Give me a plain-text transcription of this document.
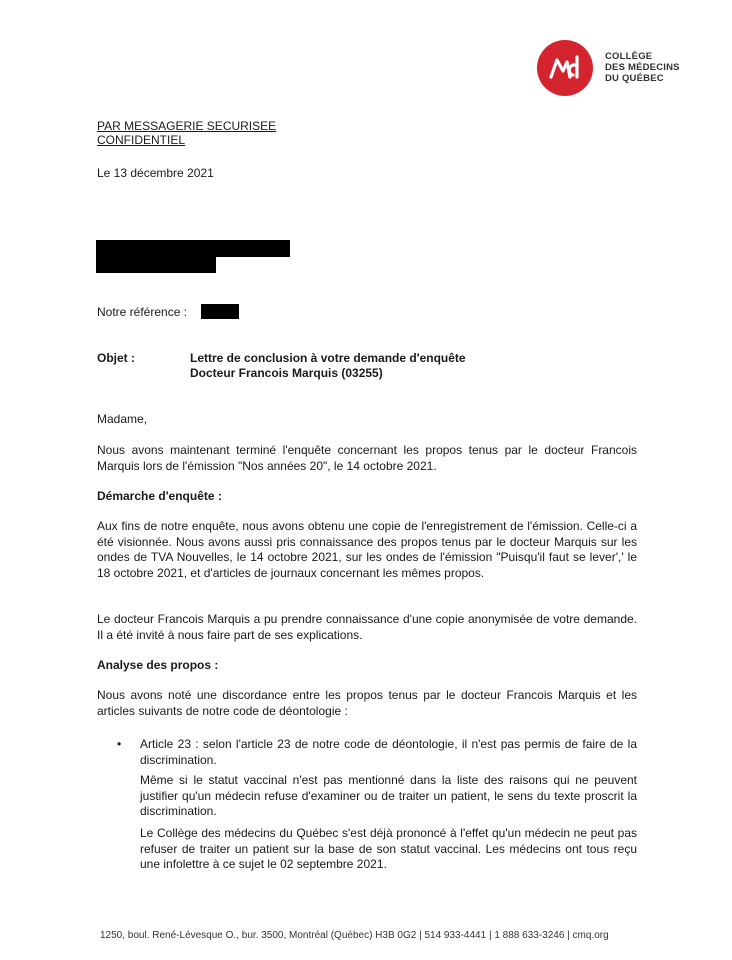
COLLÈGE
DES MÉDECINS
DU QUÉBEC
PAR MESSAGERIE SECURISEE
CONFIDENTIEL
Le 13 décembre 2021
Notre référence :
Objet :	Lettre de conclusion à votre demande d'enquête
Docteur Francois Marquis (03255)
Madame,
Nous avons maintenant terminé l'enquête concernant les propos tenus par le docteur Francois Marquis lors de l'émission "Nos années 20", le 14 octobre 2021.
Démarche d'enquête :
Aux fins de notre enquête, nous avons obtenu une copie de l'enregistrement de l'émission. Celle-ci a été visionnée. Nous avons aussi pris connaissance des propos tenus par le docteur Marquis sur les ondes de TVA Nouvelles, le 14 octobre 2021, sur les ondes de l'émission "Puisqu'il faut se lever',' le 18 octobre 2021, et d'articles de journaux concernant les mêmes propos.
Le docteur Francois Marquis a pu prendre connaissance d'une copie anonymisée de votre demande. Il a été invité à nous faire part de ses explications.
Analyse des propos :
Nous avons noté une discordance entre les propos tenus par le docteur Francois Marquis et les articles suivants de notre code de déontologie :
• Article 23 : selon l'article 23 de notre code de déontologie, il n'est pas permis de faire de la discrimination.
Même si le statut vaccinal n'est pas mentionné dans la liste des raisons qui ne peuvent justifier qu'un médecin refuse d'examiner ou de traiter un patient, le sens du texte proscrit la discrimination.
Le Collège des médecins du Québec s'est déjà prononcé à l'effet qu'un médecin ne peut pas refuser de traiter un patient sur la base de son statut vaccinal. Les médecins ont tous reçu une infolettre à ce sujet le 02 septembre 2021.
1250, boul. René-Lévesque O., bur. 3500, Montréal (Québec) H3B 0G2 | 514 933-4441 | 1 888 633-3246 | cmq.org
